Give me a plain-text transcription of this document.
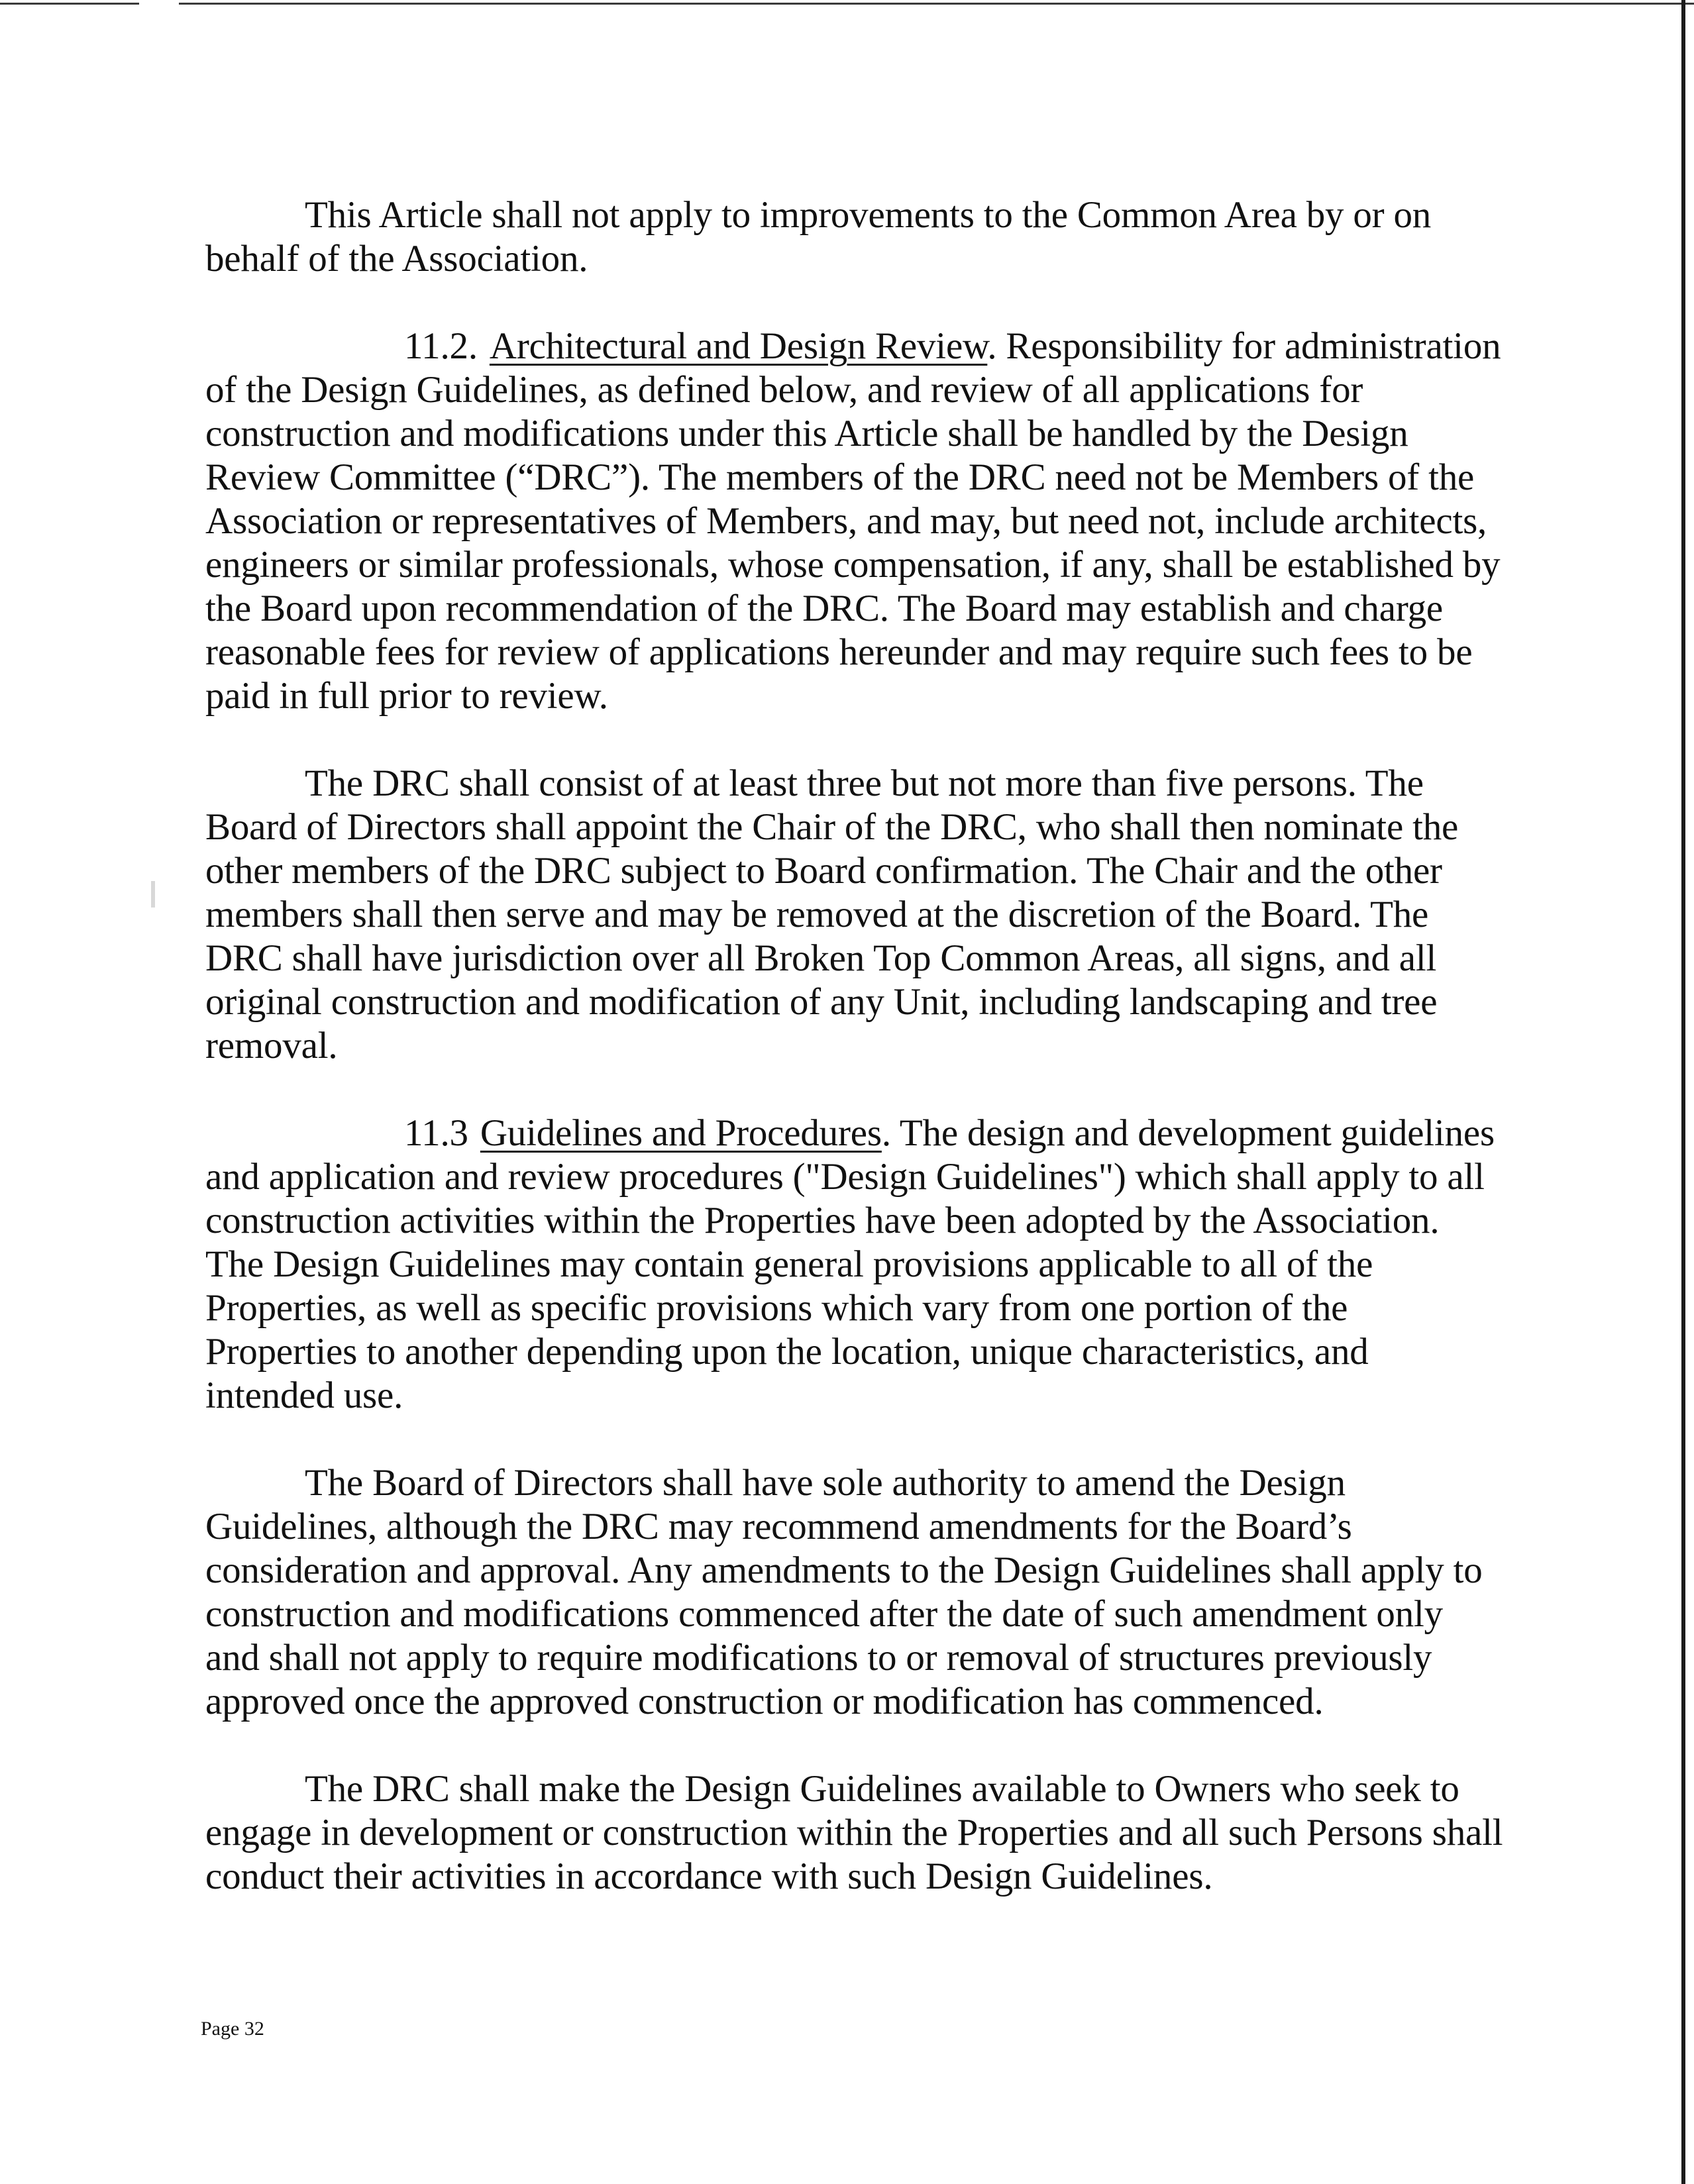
This Article shall not apply to improvements to the Common Area by or on behalf of the Association.

11.2. Architectural and Design Review. Responsibility for administration of the Design Guidelines, as defined below, and review of all applications for construction and modifications under this Article shall be handled by the Design Review Committee (“DRC”). The members of the DRC need not be Members of the Association or representatives of Members, and may, but need not, include architects, engineers or similar professionals, whose compensation, if any, shall be established by the Board upon recommendation of the DRC. The Board may establish and charge reasonable fees for review of applications hereunder and may require such fees to be paid in full prior to review.

The DRC shall consist of at least three but not more than five persons. The Board of Directors shall appoint the Chair of the DRC, who shall then nominate the other members of the DRC subject to Board confirmation. The Chair and the other members shall then serve and may be removed at the discretion of the Board. The DRC shall have jurisdiction over all Broken Top Common Areas, all signs, and all original construction and modification of any Unit, including landscaping and tree removal.

11.3 Guidelines and Procedures. The design and development guidelines and application and review procedures ("Design Guidelines") which shall apply to all construction activities within the Properties have been adopted by the Association. The Design Guidelines may contain general provisions applicable to all of the Properties, as well as specific provisions which vary from one portion of the Properties to another depending upon the location, unique characteristics, and intended use.

The Board of Directors shall have sole authority to amend the Design Guidelines, although the DRC may recommend amendments for the Board’s consideration and approval. Any amendments to the Design Guidelines shall apply to construction and modifications commenced after the date of such amendment only and shall not apply to require modifications to or removal of structures previously approved once the approved construction or modification has commenced.

The DRC shall make the Design Guidelines available to Owners who seek to engage in development or construction within the Properties and all such Persons shall conduct their activities in accordance with such Design Guidelines.

Page 32
